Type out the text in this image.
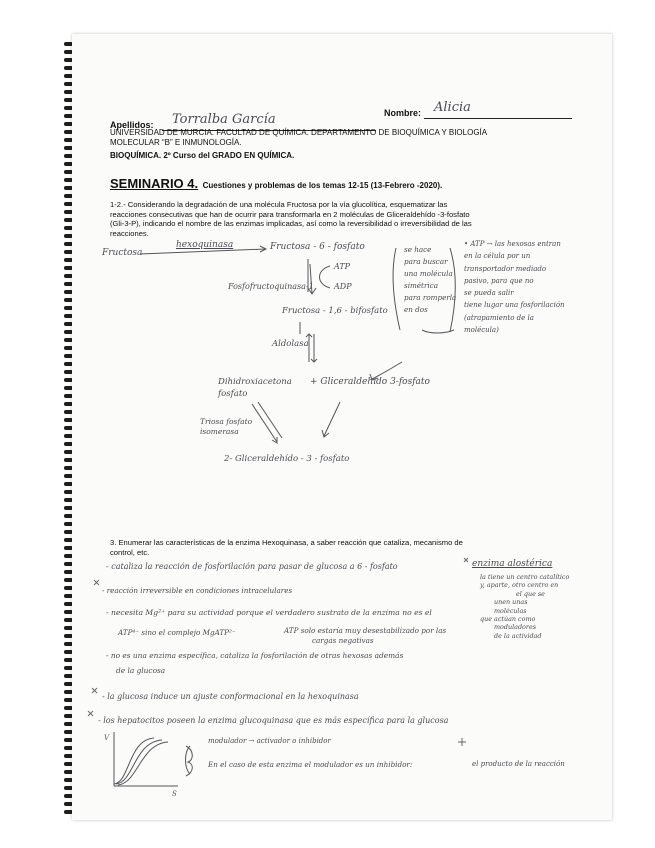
Apellidos: Torralba García	Nombre: Alicia
UNIVERSIDAD DE MURCIA. FACULTAD DE QUÍMICA. DEPARTAMENTO DE BIOQUÍMICA Y BIOLOGÍA
MOLECULAR “B” E INMUNOLOGÍA.
BIOQUÍMICA. 2º Curso del GRADO EN QUÍMICA.
SEMINARIO 4. Cuestiones y problemas de los temas 12-15 (13-Febrero -2020).
1-2.- Considerando la degradación de una molécula Fructosa por la vía glucolítica, esquematizar las
reacciones consecutivas que han de ocurrir para transformarla en 2 moléculas de Gliceraldehído -3-fosfato
(Gli-3-P), indicando el nombre de las enzimas implicadas, así como la reversibilidad o irreversibilidad de las
reacciones.
Fructosa
hexoquinasa	Fructosa - 6 - fosfato
ATP
ADP
Fosfofructoquinasa-1
Fructosa - 1,6 - bifosfato
Aldolasa
Dihidroxiacetona
fosfato
+ Gliceraldehído 3-fosfato
Triosa fosfato
isomerasa
2- Gliceraldehído - 3 - fosfato
se hace
para buscar
una molécula
simétrica
para romperla
en dos
• ATP → las hexosas entran
en la célula por un
transportador mediado
pasivo, para que no
se pueda salir
tiene lugar una fosforilación
(atrapamiento de la
molécula)
3. Enumerar las características de la enzima Hexoquinasa, a saber reacción que cataliza, mecanismo de
control, etc.
- cataliza la reacción de fosforilación para pasar de glucosa a 6 - fosfato
- reacción irreversible en condiciones intracelulares
- necesita Mg²⁺ para su actividad porque el verdadero sustrato de la enzima no es el
ATP⁴⁻ sino el complejo MgATP²⁻	ATP solo estaría muy desestabilizado por las
cargas negativas
- no es una enzima específica, cataliza la fosforilación de otras hexosas además
de la glucosa
- la glucosa induce un ajuste conformacional en la hexoquinasa
- los hepatocitos poseen la enzima glucoquinasa que es más específica para la glucosa
enzima alostérica
la tiene un centro catalítico
y, aparte, otro centro en
el que se
unen unas
moléculas
que actúan como
moduladores
de la actividad
modulador → activador o inhibidor
En el caso de esta enzima el modulador es un inhibidor:	el producto de la reacción
V
S
